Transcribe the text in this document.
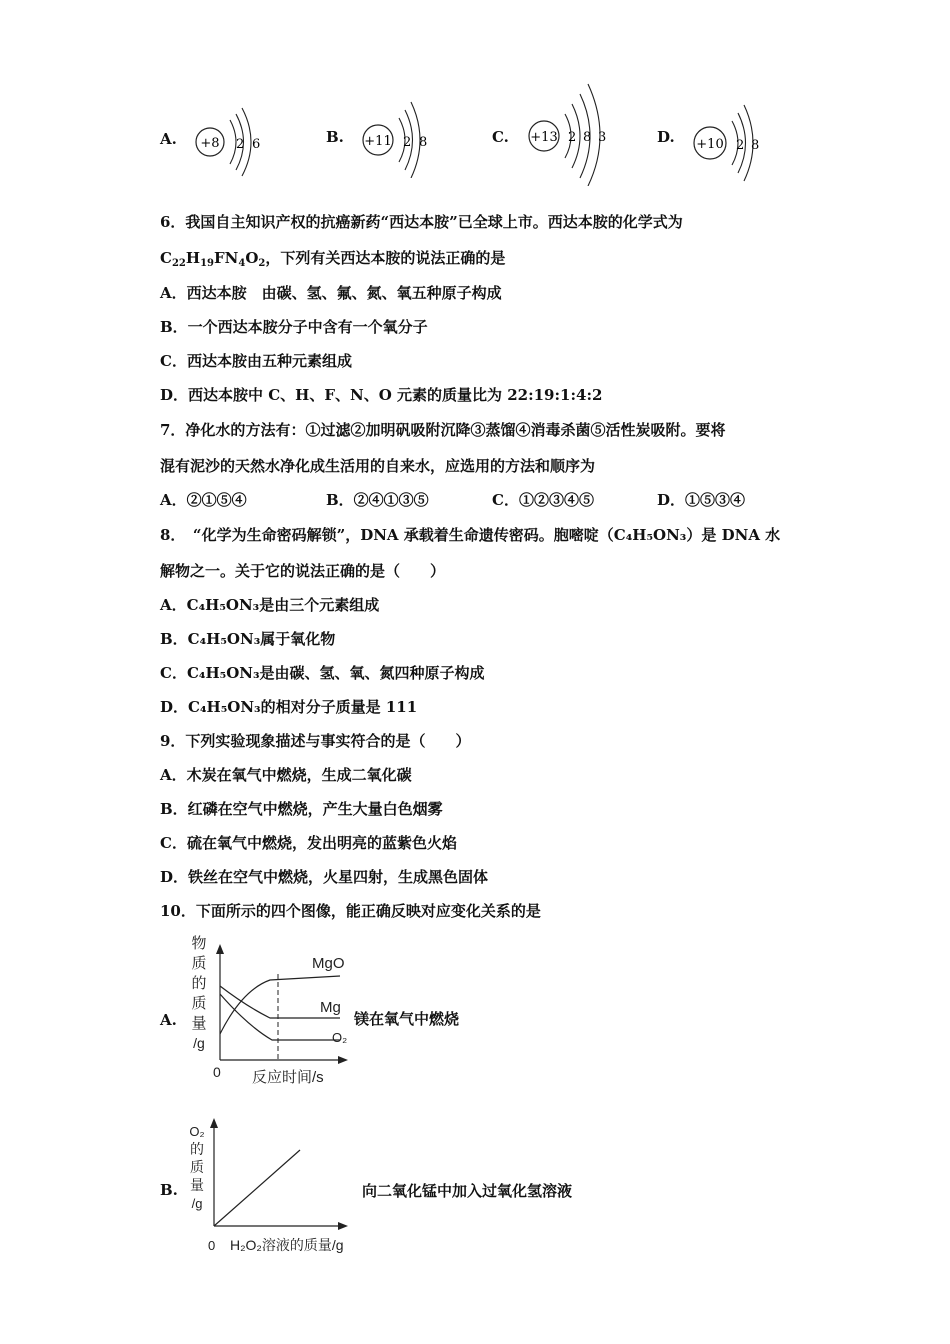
A. +8 2 6	B. +11 2 8	C. +13 2 8 3	D. +10 2 8
6．我国自主知识产权的抗癌新药“西达本胺”已全球上市。西达本胺的化学式为
$C_{22}H_{19}FN_4O_2$，下列有关西达本胺的说法正确的是
A．西达本胺　由碳、氢、氟、氮、氧五种原子构成
B．一个西达本胺分子中含有一个氧分子
C．西达本胺由五种元素组成
D．西达本胺中 C、H、F、N、O 元素的质量比为 22:19:1:4:2
7．净化水的方法有：①过滤②加明矾吸附沉降③蒸馏④消毒杀菌⑤活性炭吸附。要将
混有泥沙的天然水净化成生活用的自来水，应选用的方法和顺序为
A．②①⑤④	B．②④①③⑤	C．①②③④⑤	D．①⑤③④
8．　“化学为生命密码解锁”，DNA 承载着生命遗传密码。胞嘧啶（C₄H₅ON₃）是 DNA 水
解物之一。关于它的说法正确的是（　　）
A．C₄H₅ON₃是由三个元素组成
B．C₄H₅ON₃属于氧化物
C．C₄H₅ON₃是由碳、氢、氧、氮四种原子构成
D．C₄H₅ON₃的相对分子质量是 111
9．下列实验现象描述与事实符合的是（　　）
A．木炭在氧气中燃烧，生成二氧化碳
B．红磷在空气中燃烧，产生大量白色烟雾
C．硫在氧气中燃烧，发出明亮的蓝紫色火焰
D．铁丝在空气中燃烧，火星四射，生成黑色固体
10．下面所示的四个图像，能正确反映对应变化关系的是
A.
物
质
的
质
量
/g
MgO
Mg
O₂
0 反应时间/s
镁在氧气中燃烧
B.
O₂
的
质
量
/g
0 H₂O₂溶液的质量/g
向二氧化锰中加入过氧化氢溶液
